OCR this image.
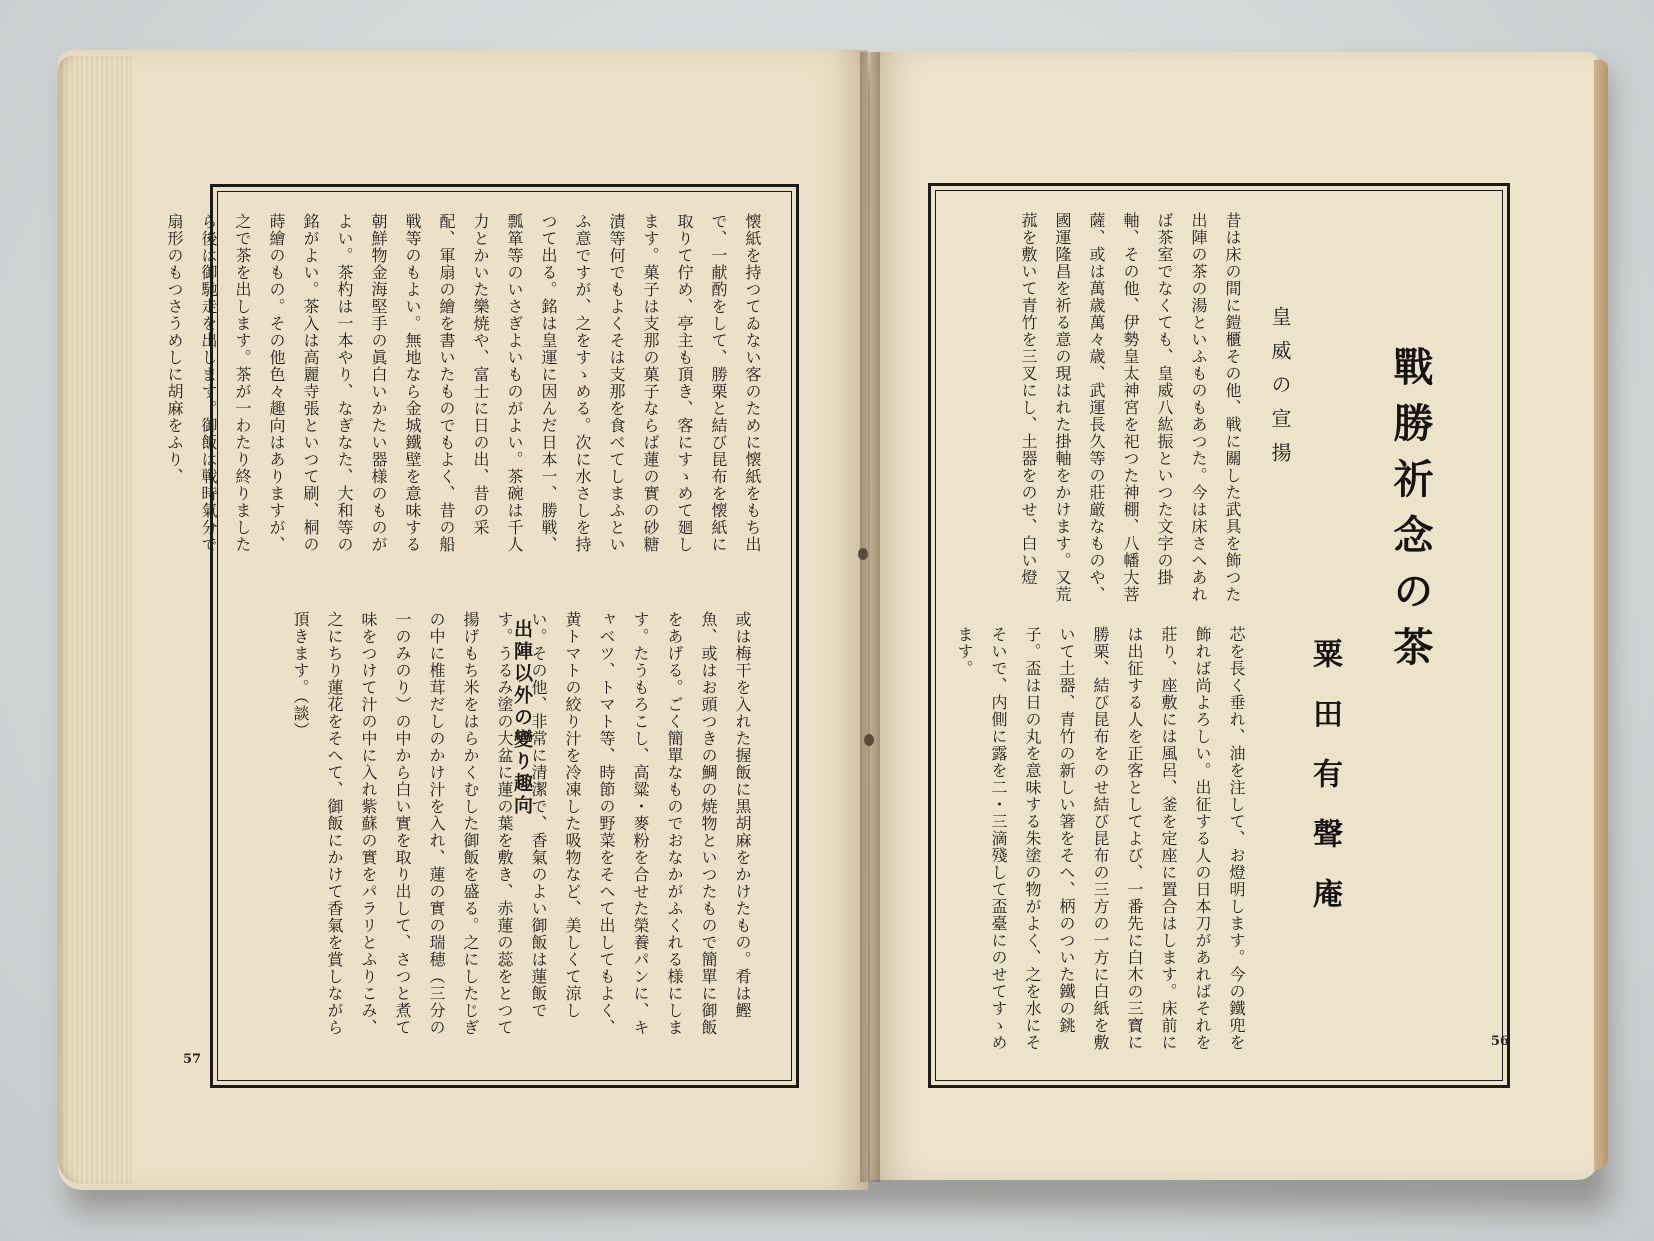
懐紙を持つてゐない客のために懐紙をもち出で、一献酌をして、勝栗と結び昆布を懐紙に取りて佇め、亭主も頂き、客にすゝめて廻します。菓子は支那の菓子ならば蓮の實の砂糖漬等何でもよくそは支那を食べてしまふといふ意ですが、之をすゝめる。次に水さしを持つて出る。銘は皇運に因んだ日本一、勝戦、瓢箪等のいさぎよいものがよい。茶碗は千人力とかいた樂焼や、富士に日の出、昔の采配、軍扇の繪を書いたものでもよく、昔の船戦等のもよい。無地なら金城鐵壁を意味する朝鮮物金海堅手の眞白いかたい器様のものがよい。茶杓は一本やり、なぎなた、大和等の銘がよい。茶入は高麗寺張といつて刷、桐の蒔繪のもの。その他色々趣向はありますが、之で茶を出します。茶が一わたり終りましたら後は御馳走を出します。御飯は戦時氣分で扇形のもつさうめしに胡麻をふり、
出陣以外の變り趣向	或は梅干を入れた握飯に黒胡麻をかけたもの。肴は鰹魚、或はお頭つきの鯛の焼物といつたもので簡單に御飯をあげる。ごく簡單なものでおなかがふくれる様にします。たうもろこし、高粱・麥粉を合せた榮養パンに、キャベツ、トマト等、時節の野菜をそへて出してもよく、黄トマトの絞り汁を冷凍した吸物など、美しくて涼しい。その他、非常に清潔で、香氣のよい御飯は蓮飯です。うるみ塗の大盆に蓮の葉を敷き、赤蓮の蕊をとつて揚げもち米をはらかくむした御飯を盛る。之にしたじぎの中に椎茸だしのかけ汁を入れ、蓮の實の瑞穂（三分の一のみのり）の中から白い實を取り出して、さつと煮て味をつけて汁の中に入れ紫蘇の實をパラリとふりこみ、之にちり蓮花をそへて、御飯にかけて香氣を賞しながら頂きます。（談）
57
戰勝祈念の茶
粟田有聲庵
皇威の宣揚
昔は床の間に鎧櫃その他、戦に關した武具を飾つた出陣の茶の湯といふものもあつた。今は床さへあれば茶室でなくても、皇威八紘振といつた文字の掛軸、その他、伊勢皇太神宮を祀つた神棚、八幡大菩薩、或は萬歳萬々歳、武運長久等の莊厳なものや、國運隆昌を祈る意の現はれた掛軸をかけます。又荒菰を敷いて青竹を三叉にし、土器をのせ、白い燈
芯を長く垂れ、油を注して、お燈明します。今の鐵兜を飾れば尚よろしい。出征する人の日本刀があればそれを莊り、座敷には風呂、釜を定座に置合はします。床前には出征する人を正客としてよび、一番先に白木の三寶に勝栗、結び昆布をのせ結び昆布の三方の一方に白紙を敷いて土器、青竹の新しい箸をそへ、柄のついた鐵の銚子。盃は日の丸を意味する朱塗の物がよく、之を水にそそいで、内側に露を二・三滴殘して盃臺にのせてすゝめます。
56
